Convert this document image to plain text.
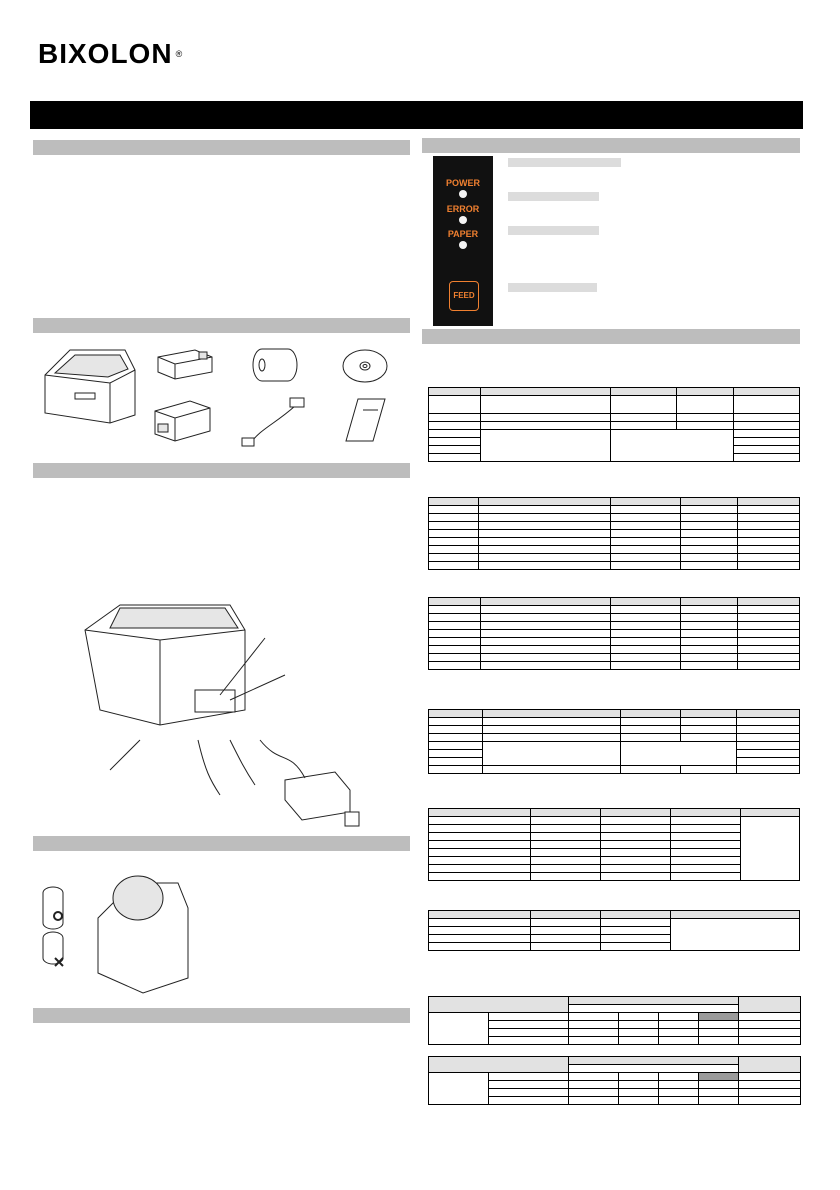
BIXOLON ®
POWER
ERROR
PAPER
FEED
